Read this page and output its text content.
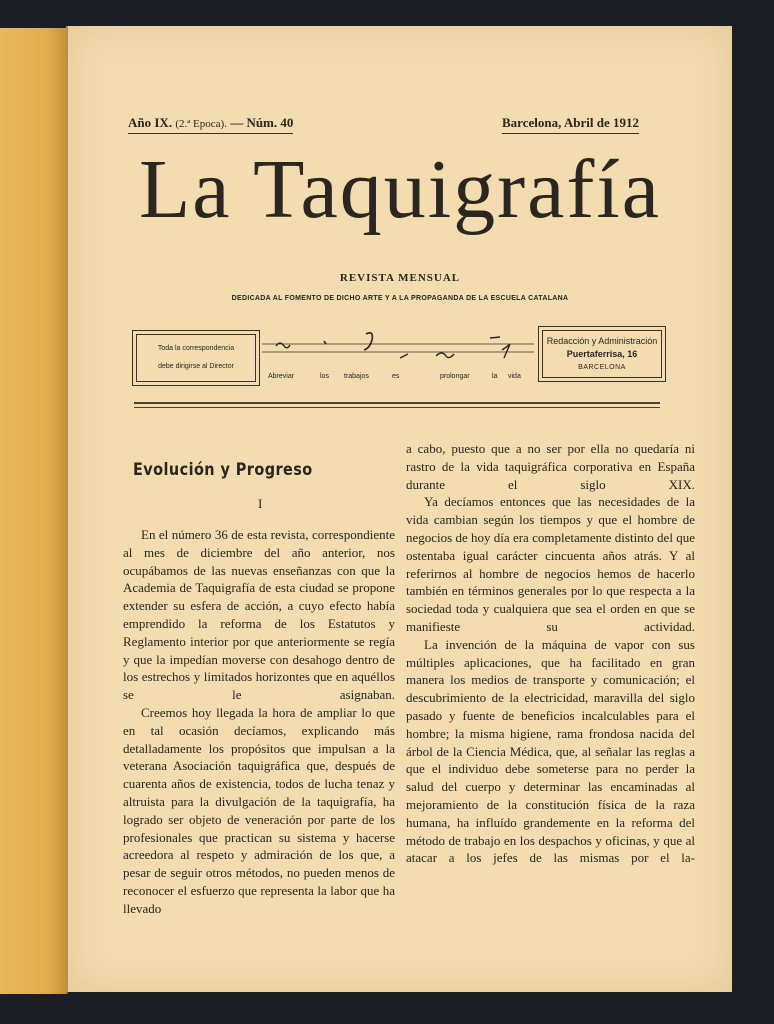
Año IX. (2.ª Epoca). — Núm. 40	Barcelona, Abril de 1912
La Taquigrafía
REVISTA MENSUAL
DEDICADA AL FOMENTO DE DICHO ARTE Y A LA PROPAGANDA DE LA ESCUELA CATALANA
Toda la correspondencia
debe dirigirse al Director
Abreviar	los trabajos	es	prolongar	la vida
Redacción y Administración
Puertaferrisa, 16
BARCELONA
Evolución y Progreso
I

En el número 36 de esta revista, correspondiente al mes de diciembre del año anterior, nos ocupábamos de las nuevas enseñanzas con que la Academia de Taquigrafía de esta ciudad se propone extender su esfera de acción, a cuyo efecto había emprendido la reforma de los Estatutos y Reglamento interior por que anteriormente se regía y que la impedían moverse con desahogo dentro de los estrechos y limitados horizontes que en aquéllos se le asignaban.

Creemos hoy llegada la hora de ampliar lo que en tal ocasión decíamos, explicando más detalladamente los propósitos que impulsan a la veterana Asociación taquigráfica que, después de cuarenta años de existencia, todos de lucha tenaz y altruista para la divulgación de la taquigrafía, ha logrado ser objeto de veneración por parte de los profesionales que practican su sistema y hacerse acreedora al respeto y admiración de los que, a pesar de seguir otros métodos, no pueden menos de reconocer el esfuerzo que representa la labor que ha llevado

a cabo, puesto que a no ser por ella no quedaría ni rastro de la vida taquigráfica corporativa en España durante el siglo XIX.

Ya decíamos entonces que las necesidades de la vida cambian según los tiempos y que el hombre de negocios de hoy día era completamente distinto del que ostentaba igual carácter cincuenta años atrás. Y al referirnos al hombre de negocios hemos de hacerlo también en términos generales por lo que respecta a la sociedad toda y cualquiera que sea el orden en que se manifieste su actividad.

La invención de la máquina de vapor con sus múltiples aplicaciones, que ha facilitado en gran manera los medios de transporte y comunicación; el descubrimiento de la electricidad, maravilla del siglo pasado y fuente de beneficios incalculables para el hombre; la misma higiene, rama frondosa nacida del árbol de la Ciencia Médica, que, al señalar las reglas a que el individuo debe someterse para no perder la salud del cuerpo y determinar las encaminadas al mejoramiento de la constitución física de la raza humana, ha influído grandemente en la reforma del método de trabajo en los despachos y oficinas, y que al atacar a los jefes de las mismas por el la-
